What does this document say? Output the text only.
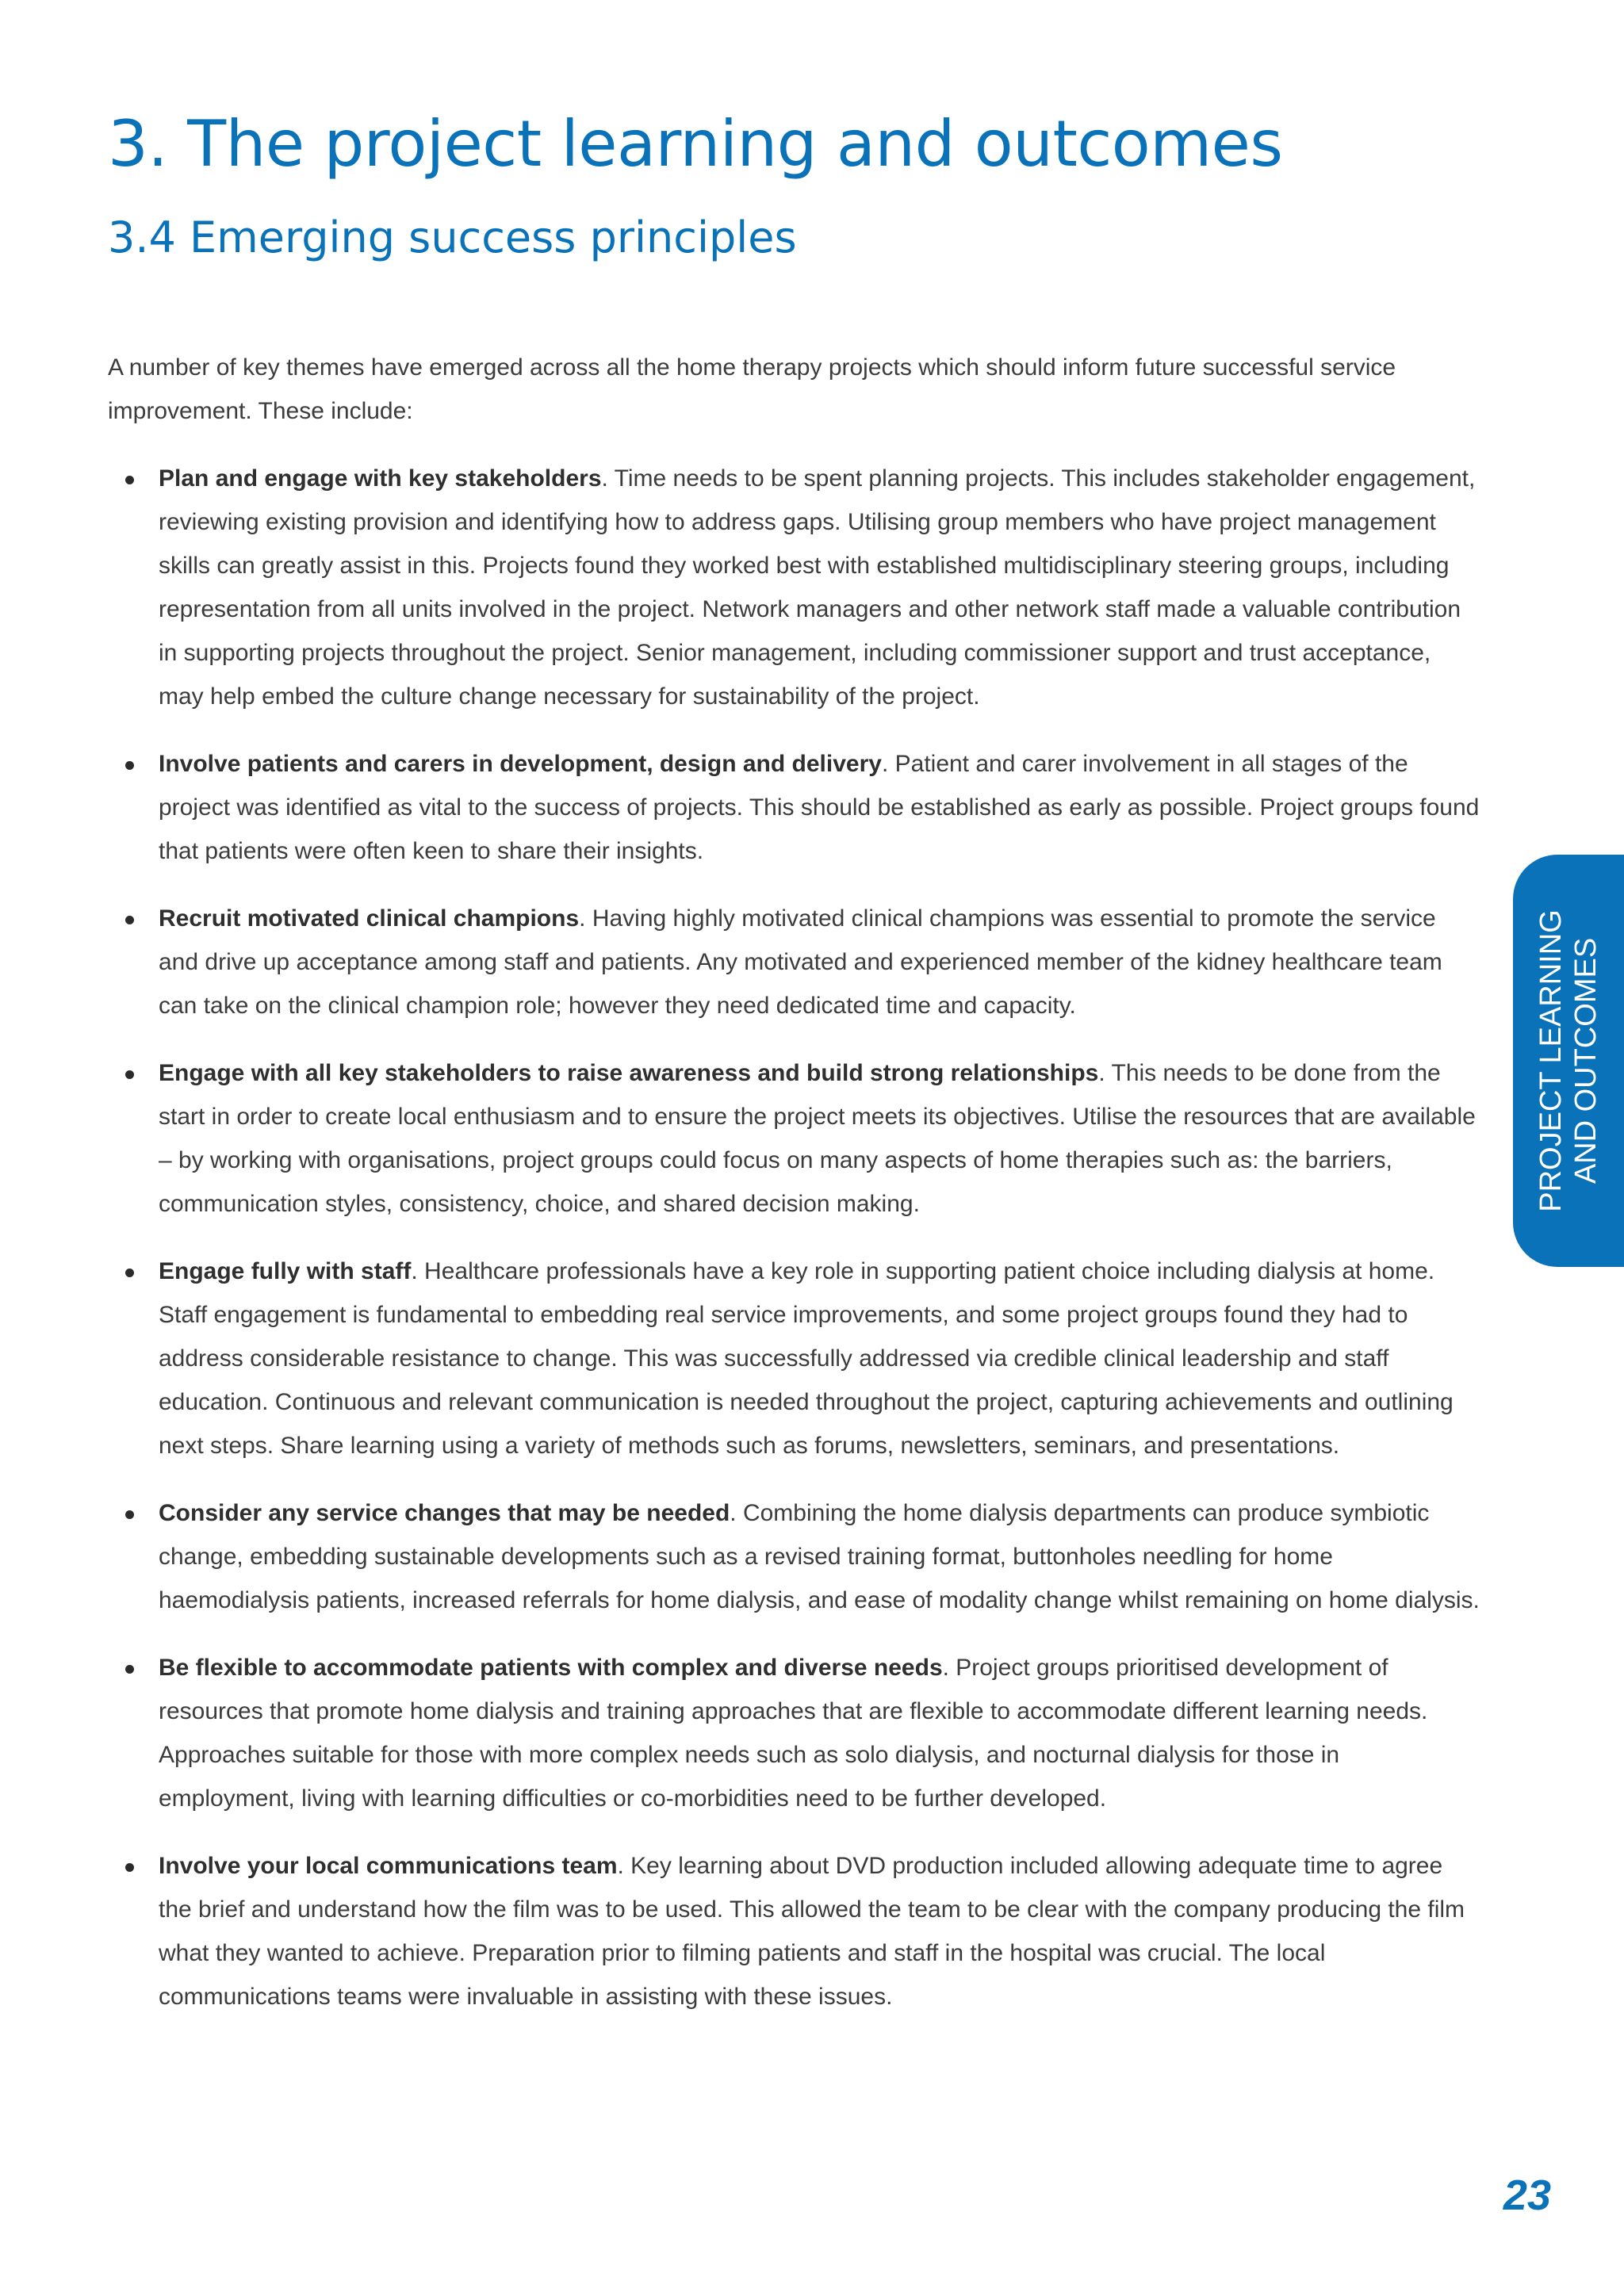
3. The project learning and outcomes
3.4 Emerging success principles

A number of key themes have emerged across all the home therapy projects which should inform future successful service improvement. These include:

Plan and engage with key stakeholders. Time needs to be spent planning projects. This includes stakeholder engagement, reviewing existing provision and identifying how to address gaps. Utilising group members who have project management skills can greatly assist in this. Projects found they worked best with established multidisciplinary steering groups, including representation from all units involved in the project. Network managers and other network staff made a valuable contribution in supporting projects throughout the project. Senior management, including commissioner support and trust acceptance, may help embed the culture change necessary for sustainability of the project.
Involve patients and carers in development, design and delivery. Patient and carer involvement in all stages of the project was identified as vital to the success of projects. This should be established as early as possible. Project groups found that patients were often keen to share their insights.
Recruit motivated clinical champions. Having highly motivated clinical champions was essential to promote the service and drive up acceptance among staff and patients. Any motivated and experienced member of the kidney healthcare team can take on the clinical champion role; however they need dedicated time and capacity.
Engage with all key stakeholders to raise awareness and build strong relationships. This needs to be done from the start in order to create local enthusiasm and to ensure the project meets its objectives. Utilise the resources that are available – by working with organisations, project groups could focus on many aspects of home therapies such as: the barriers, communication styles, consistency, choice, and shared decision making.
Engage fully with staff. Healthcare professionals have a key role in supporting patient choice including dialysis at home. Staff engagement is fundamental to embedding real service improvements, and some project groups found they had to address considerable resistance to change. This was successfully addressed via credible clinical leadership and staff education. Continuous and relevant communication is needed throughout the project, capturing achievements and outlining next steps. Share learning using a variety of methods such as forums, newsletters, seminars, and presentations.
Consider any service changes that may be needed. Combining the home dialysis departments can produce symbiotic change, embedding sustainable developments such as a revised training format, buttonholes needling for home haemodialysis patients, increased referrals for home dialysis, and ease of modality change whilst remaining on home dialysis.
Be flexible to accommodate patients with complex and diverse needs. Project groups prioritised development of resources that promote home dialysis and training approaches that are flexible to accommodate different learning needs. Approaches suitable for those with more complex needs such as solo dialysis, and nocturnal dialysis for those in employment, living with learning difficulties or co-morbidities need to be further developed.
Involve your local communications team. Key learning about DVD production included allowing adequate time to agree the brief and understand how the film was to be used. This allowed the team to be clear with the company producing the film what they wanted to achieve. Preparation prior to filming patients and staff in the hospital was crucial. The local communications teams were invaluable in assisting with these issues.
PROJECT LEARNING AND OUTCOMES
23
